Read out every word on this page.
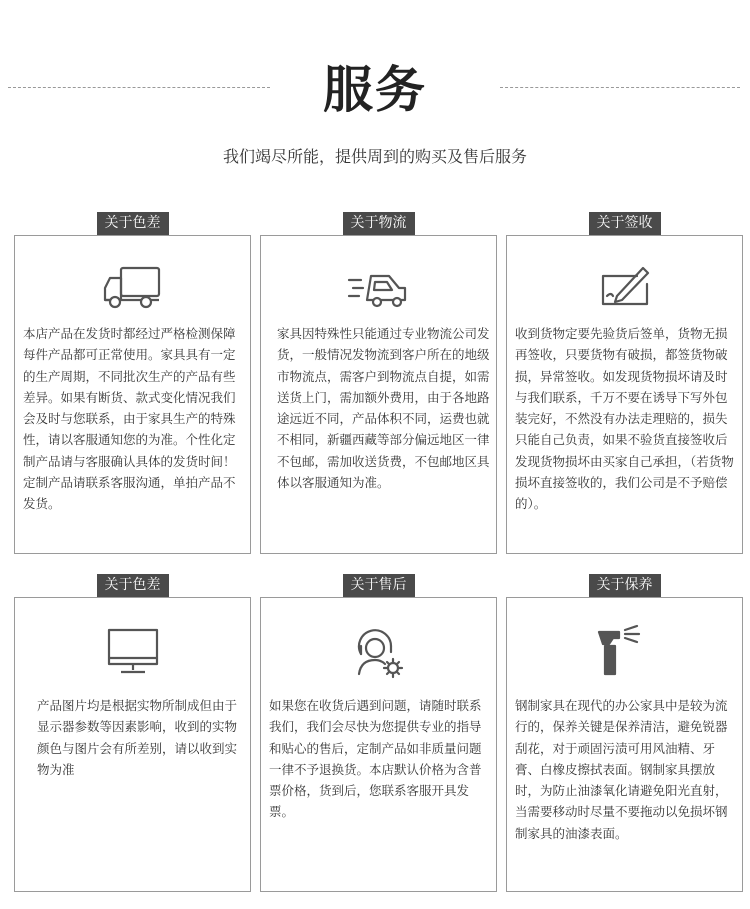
服务
我们竭尽所能，提供周到的购买及售后服务
关于色差
本店产品在发货时都经过严格检测保障每件产品都可正常使用。家具具有一定的生产周期，不同批次生产的产品有些差异。如果有断货、款式变化情况我们会及时与您联系，由于家具生产的特殊性，请以客服通知您的为准。个性化定制产品请与客服确认具体的发货时间！定制产品请联系客服沟通，单拍产品不发货。
关于物流
家具因特殊性只能通过专业物流公司发货，一般情况发物流到客户所在的地级市物流点，需客户到物流点自提，如需送货上门，需加额外费用，由于各地路途远近不同，产品体积不同，运费也就不相同，新疆西藏等部分偏远地区一律不包邮，需加收送货费，不包邮地区具体以客服通知为准。
关于签收
收到货物定要先验货后签单，货物无损再签收，只要货物有破损，都签货物破损，异常签收。如发现货物损坏请及时与我们联系，千万不要在诱导下写外包装完好，不然没有办法走理赔的，损失只能自己负责，如果不验货直接签收后发现货物损坏由买家自己承担，（若货物损坏直接签收的，我们公司是不予赔偿的）。
关于色差
产品图片均是根据实物所制成但由于显示器参数等因素影响，收到的实物颜色与图片会有所差别，请以收到实物为准
关于售后
如果您在收货后遇到问题，请随时联系我们，我们会尽快为您提供专业的指导和贴心的售后，定制产品如非质量问题一律不予退换货。本店默认价格为含普票价格，货到后，您联系客服开具发票。
关于保养
钢制家具在现代的办公家具中是较为流行的，保养关键是保养清洁，避免锐器刮花，对于顽固污渍可用风油精、牙膏、白橡皮擦拭表面。钢制家具摆放时，为防止油漆氧化请避免阳光直射，当需要移动时尽量不要拖动以免损坏钢制家具的油漆表面。
